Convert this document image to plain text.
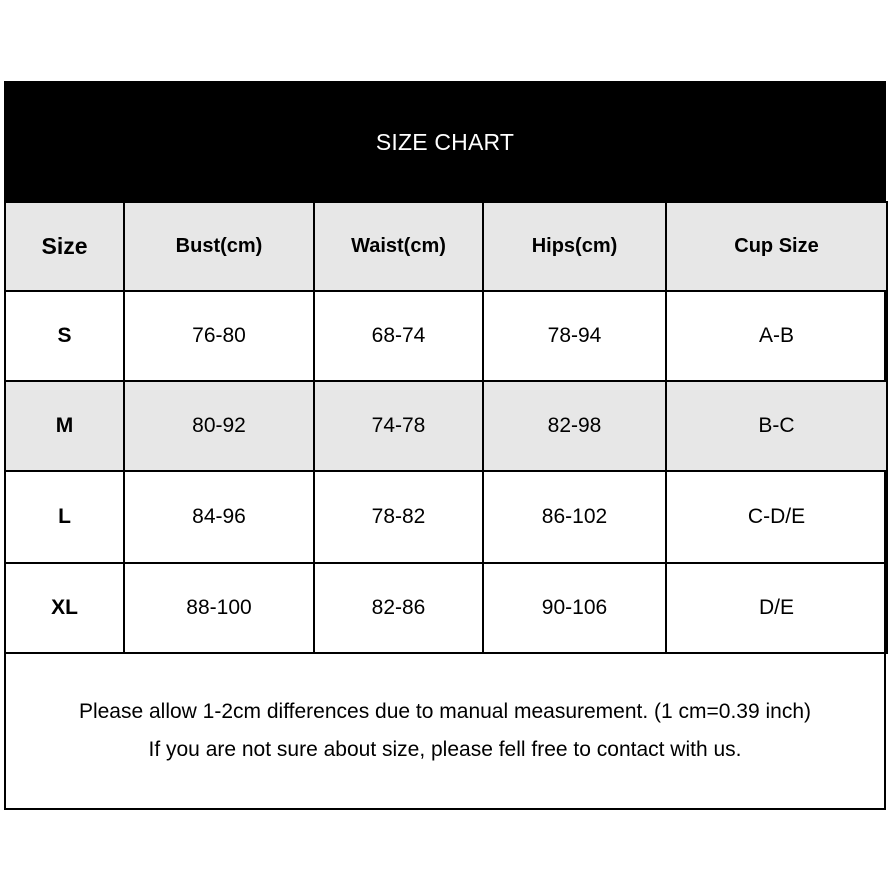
SIZE CHART
Size	Bust(cm)	Waist(cm)	Hips(cm)	Cup Size
S	76-80	68-74	78-94	A-B
M	80-92	74-78	82-98	B-C
L	84-96	78-82	86-102	C-D/E
XL	88-100	82-86	90-106	D/E
Please allow 1-2cm differences due to manual measurement. (1 cm=0.39 inch)
If you are not sure about size, please fell free to contact with us.
